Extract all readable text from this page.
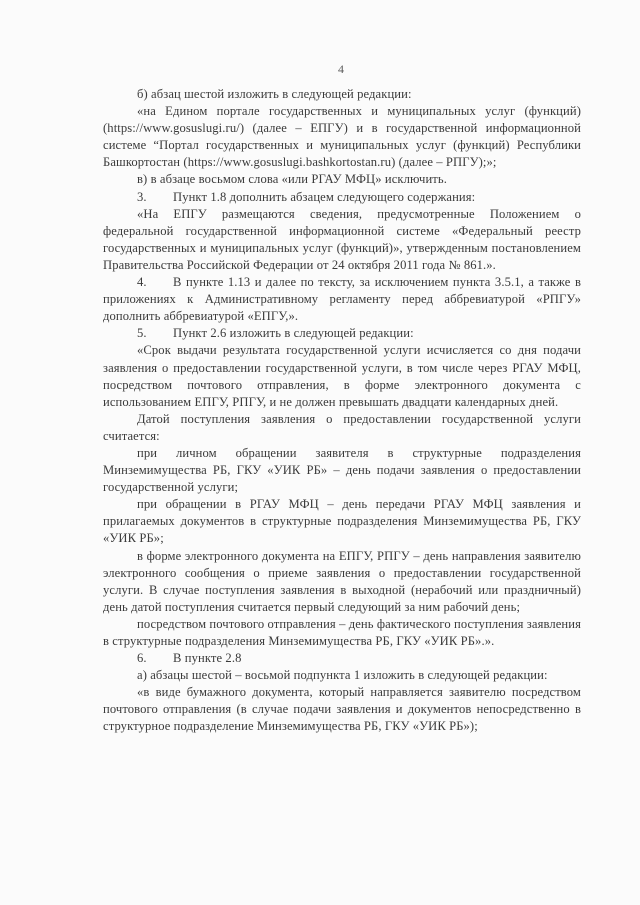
4

б) абзац шестой изложить в следующей редакции:

«на Едином портале государственных и муниципальных услуг (функций) (https://www.gosuslugi.ru/) (далее – ЕПГУ) и в государственной информационной системе “Портал государственных и муниципальных услуг (функций) Республики Башкортостан (https://www.gosuslugi.bashkortostan.ru) (далее – РПГУ);»;

в) в абзаце восьмом слова «или РГАУ МФЦ» исключить.

3. Пункт 1.8 дополнить абзацем следующего содержания:

«На ЕПГУ размещаются сведения, предусмотренные Положением о федеральной государственной информационной системе «Федеральный реестр государственных и муниципальных услуг (функций)», утвержденным постановлением Правительства Российской Федерации от 24 октября 2011 года № 861.».

4. В пункте 1.13 и далее по тексту, за исключением пункта 3.5.1, а также в приложениях к Административному регламенту перед аббревиатурой «РПГУ» дополнить аббревиатурой «ЕПГУ,».

5. Пункт 2.6 изложить в следующей редакции:

«Срок выдачи результата государственной услуги исчисляется со дня подачи заявления о предоставлении государственной услуги, в том числе через РГАУ МФЦ, посредством почтового отправления, в форме электронного документа с использованием ЕПГУ, РПГУ, и не должен превышать двадцати календарных дней.

Датой поступления заявления о предоставлении государственной услуги считается:

при личном обращении заявителя в структурные подразделения Минземимущества РБ, ГКУ «УИК РБ» – день подачи заявления о предоставлении государственной услуги;

при обращении в РГАУ МФЦ – день передачи РГАУ МФЦ заявления и прилагаемых документов в структурные подразделения Минземимущества РБ, ГКУ «УИК РБ»;

в форме электронного документа на ЕПГУ, РПГУ – день направления заявителю электронного сообщения о приеме заявления о предоставлении государственной услуги. В случае поступления заявления в выходной (нерабочий или праздничный) день датой поступления считается первый следующий за ним рабочий день;

посредством почтового отправления – день фактического поступления заявления в структурные подразделения Минземимущества РБ, ГКУ «УИК РБ».».

6. В пункте 2.8

а) абзацы шестой – восьмой подпункта 1 изложить в следующей редакции:

«в виде бумажного документа, который направляется заявителю посредством почтового отправления (в случае подачи заявления и документов непосредственно в структурное подразделение Минземимущества РБ, ГКУ «УИК РБ»);
